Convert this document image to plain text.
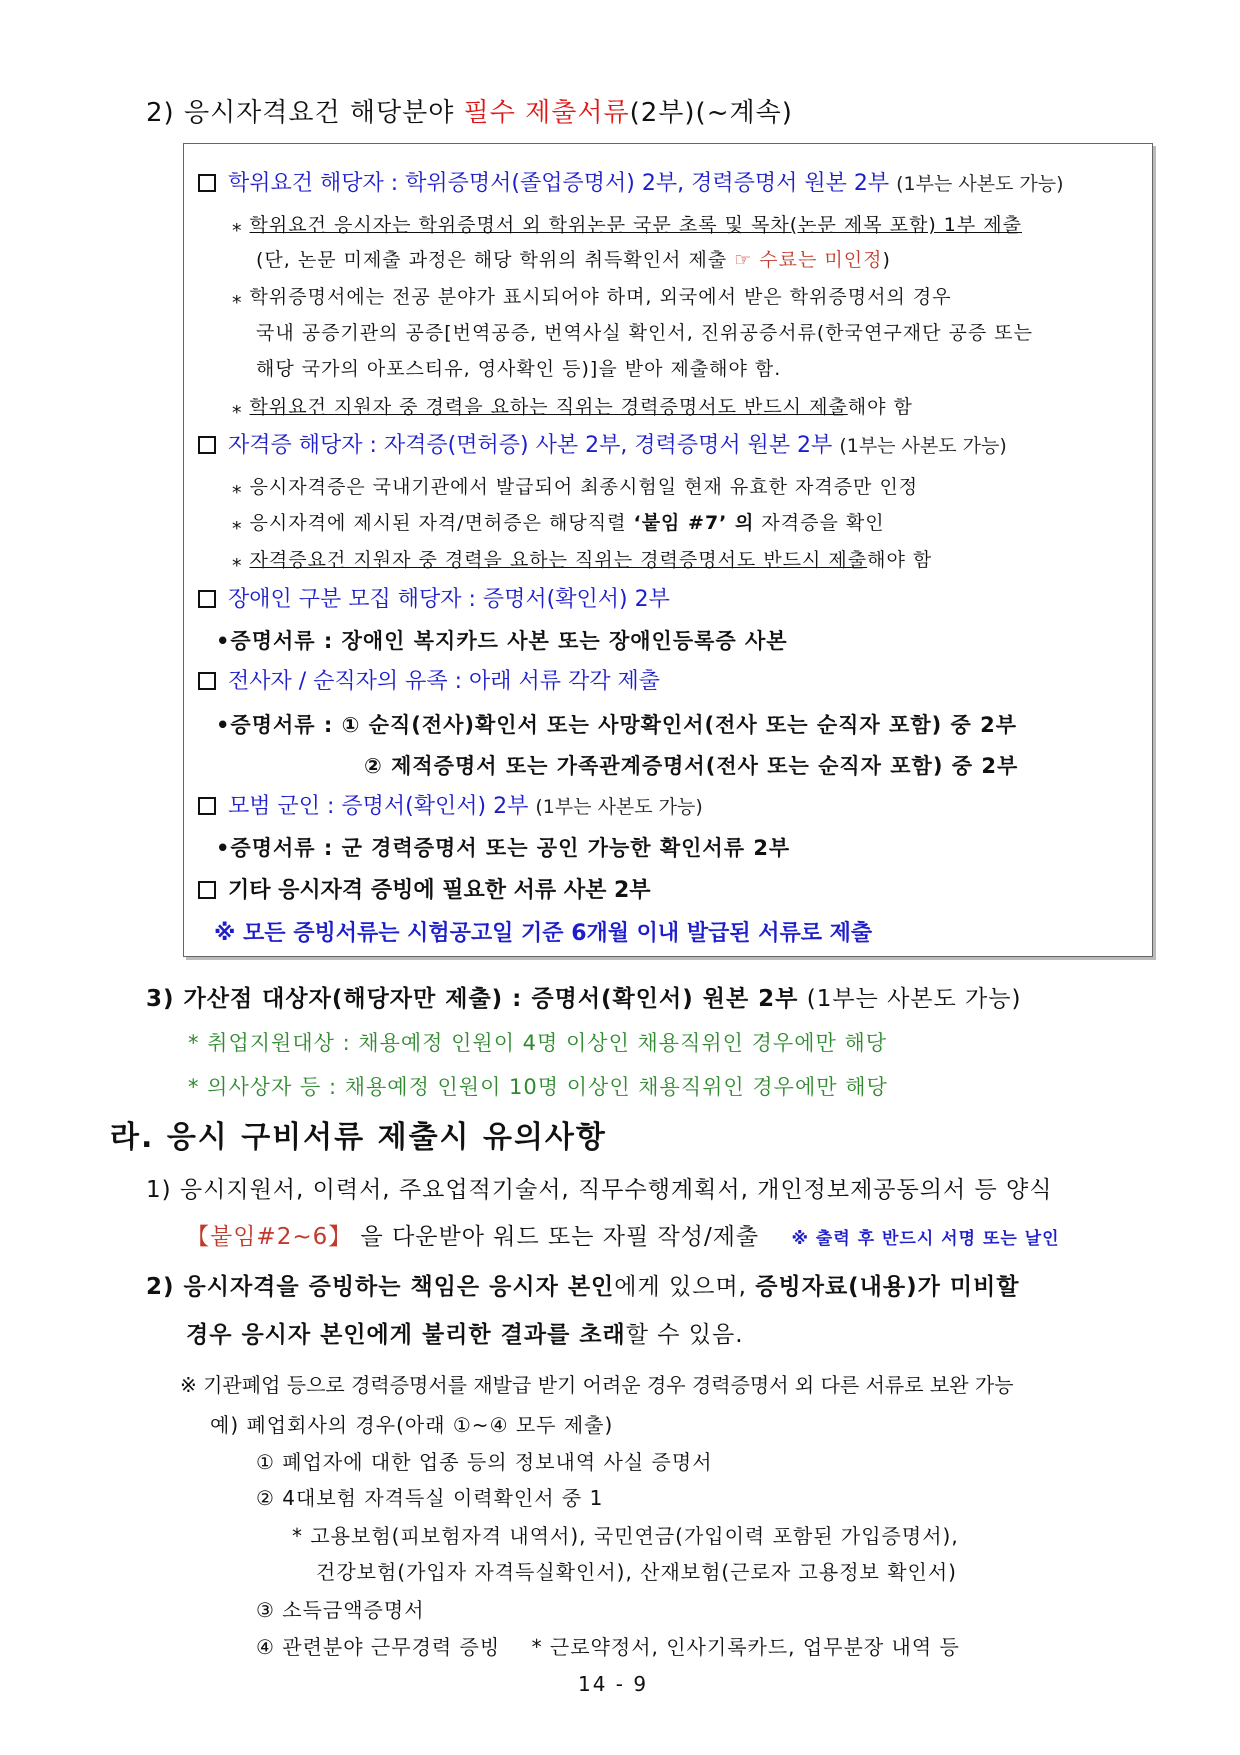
2) 응시자격요건 해당분야 필수 제출서류(2부)(~계속)
학위요건 해당자 : 학위증명서(졸업증명서) 2부, 경력증명서 원본 2부 (1부는 사본도 가능)
⁎ 학위요건 응시자는 학위증명서 외 학위논문 국문 초록 및 목차(논문 제목 포함) 1부 제출
(단, 논문 미제출 과정은 해당 학위의 취득확인서 제출 ☞ 수료는 미인정)
⁎ 학위증명서에는 전공 분야가 표시되어야 하며, 외국에서 받은 학위증명서의 경우
국내 공증기관의 공증[번역공증, 번역사실 확인서, 진위공증서류(한국연구재단 공증 또는
해당 국가의 아포스티유, 영사확인 등)]을 받아 제출해야 함.
⁎ 학위요건 지원자 중 경력을 요하는 직위는 경력증명서도 반드시 제출해야 함
자격증 해당자 : 자격증(면허증) 사본 2부, 경력증명서 원본 2부 (1부는 사본도 가능)
⁎ 응시자격증은 국내기관에서 발급되어 최종시험일 현재 유효한 자격증만 인정
⁎ 응시자격에 제시된 자격/면허증은 해당직렬 ‘붙임 #7’ 의 자격증을 확인
⁎ 자격증요건 지원자 중 경력을 요하는 직위는 경력증명서도 반드시 제출해야 함
장애인 구분 모집 해당자 : 증명서(확인서) 2부
•증명서류 : 장애인 복지카드 사본 또는 장애인등록증 사본
전사자 / 순직자의 유족 : 아래 서류 각각 제출
•증명서류 : ① 순직(전사)확인서 또는 사망확인서(전사 또는 순직자 포함) 중 2부
② 제적증명서 또는 가족관계증명서(전사 또는 순직자 포함) 중 2부
모범 군인 : 증명서(확인서) 2부 (1부는 사본도 가능)
•증명서류 : 군 경력증명서 또는 공인 가능한 확인서류 2부
기타 응시자격 증빙에 필요한 서류 사본 2부
※ 모든 증빙서류는 시험공고일 기준 6개월 이내 발급된 서류로 제출
3) 가산점 대상자(해당자만 제출) : 증명서(확인서) 원본 2부 (1부는 사본도 가능)
* 취업지원대상 : 채용예정 인원이 4명 이상인 채용직위인 경우에만 해당
* 의사상자 등 : 채용예정 인원이 10명 이상인 채용직위인 경우에만 해당
라. 응시 구비서류 제출시 유의사항
1) 응시지원서, 이력서, 주요업적기술서, 직무수행계획서, 개인정보제공동의서 등 양식
【붙임#2~6】 을 다운받아 워드 또는 자필 작성/제출 ※ 출력 후 반드시 서명 또는 날인
2) 응시자격을 증빙하는 책임은 응시자 본인에게 있으며, 증빙자료(내용)가 미비할
경우 응시자 본인에게 불리한 결과를 초래할 수 있음.
※ 기관폐업 등으로 경력증명서를 재발급 받기 어려운 경우 경력증명서 외 다른 서류로 보완 가능
예) 폐업회사의 경우(아래 ①~④ 모두 제출)
① 폐업자에 대한 업종 등의 정보내역 사실 증명서
② 4대보험 자격득실 이력확인서 중 1
* 고용보험(피보험자격 내역서), 국민연금(가입이력 포함된 가입증명서),
건강보험(가입자 자격득실확인서), 산재보험(근로자 고용정보 확인서)
③ 소득금액증명서
④ 관련분야 근무경력 증빙 * 근로약정서, 인사기록카드, 업무분장 내역 등
14 - 9
